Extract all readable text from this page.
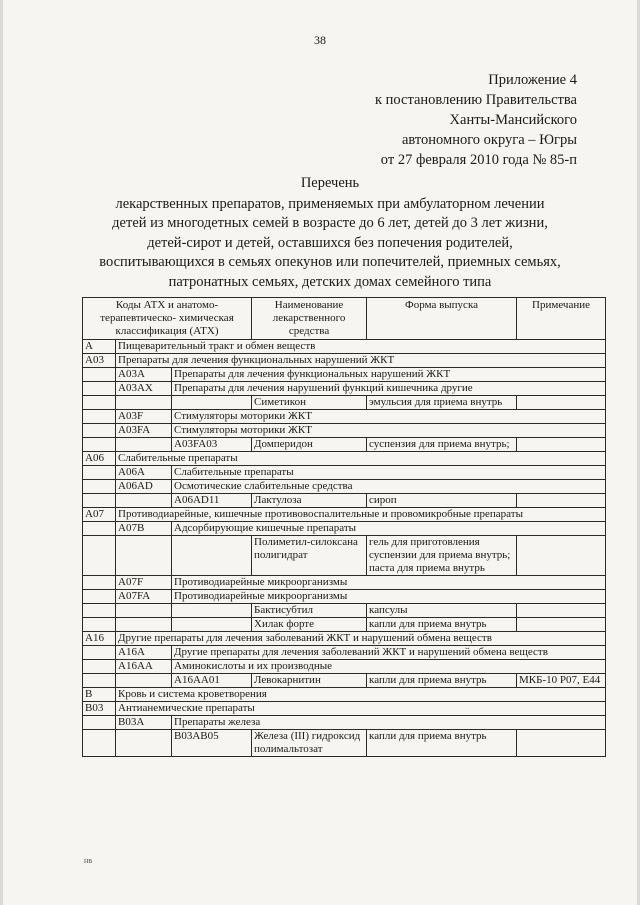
38
Приложение 4
к постановлению Правительства
Ханты-Мансийского
автономного округа – Югры
от 27 февраля 2010 года № 85-п
Перечень
лекарственных препаратов, применяемых при амбулаторном лечении
детей из многодетных семей в возрасте до 6 лет, детей до 3 лет жизни,
детей-сирот и детей, оставшихся без попечения родителей,
воспитывающихся в семьях опекунов или попечителей, приемных семьях,
патронатных семьях, детских домах семейного типа
Коды АТХ и анатомо-терапевтическо- химическая классификация (АТХ)			Наименование лекарственного средства	Форма выпуска	Примечание
A	Пищеварительный тракт и обмен веществ				
A03	Препараты для лечения функциональных нарушений ЖКТ				
	A03A	Препараты для лечения функциональных нарушений ЖКТ			
	A03AX	Препараты для лечения нарушений функций кишечника другие			
			Симетикон	эмульсия для приема внутрь	
	A03F	Стимуляторы моторики ЖКТ			
	A03FA	Стимуляторы моторики ЖКТ			
		A03FA03	Домперидон	суспензия для приема внутрь;	
A06	Слабительные препараты				
	A06A	Слабительные препараты			
	A06AD	Осмотические слабительные средства			
		A06AD11	Лактулоза	сироп	
A07	Противодиарейные, кишечные противовоспалительные и провомикробные препараты				
	A07B	Адсорбирующие кишечные препараты			
			Полиметил-силоксана полигидрат	гель для приготовления суспензии для приема внутрь; паста для приема внутрь	
	A07F	Противодиарейные микроорганизмы			
	A07FA	Противодиарейные микроорганизмы			
			Бактисубтил	капсулы	
			Хилак форте	капли для приема внутрь	
A16	Другие препараты для лечения заболеваний ЖКТ и нарушений обмена веществ				
	A16A	Другие препараты для лечения заболеваний ЖКТ и нарушений обмена веществ			
	A16AA	Аминокислоты и их производные			
		A16AA01	Левокарнитин	капли для приема внутрь	МКБ-10 Р07, Е44
B	Кровь и система кроветворения				
B03	Антианемические препараты				
	B03A	Препараты железа			
		B03AB05	Железа (III) гидроксид полимальтозат	капли для приема внутрь	
нв
